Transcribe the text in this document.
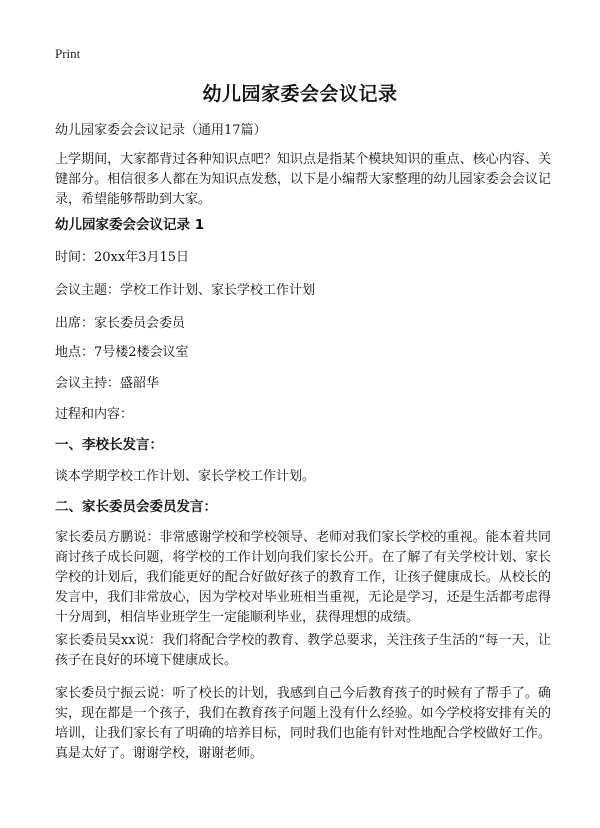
Print
幼儿园家委会会议记录
幼儿园家委会会议记录（通用17篇）
上学期间，大家都背过各种知识点吧？知识点是指某个模块知识的重点、核心内容、关键部分。相信很多人都在为知识点发愁，以下是小编帮大家整理的幼儿园家委会会议记录，希望能够帮助到大家。
幼儿园家委会会议记录 1
时间：20xx年3月15日
会议主题：学校工作计划、家长学校工作计划
出席：家长委员会委员
地点：7号楼2楼会议室
会议主持：盛韶华
过程和内容：
一、李校长发言：
谈本学期学校工作计划、家长学校工作计划。
二、家长委员会委员发言：
家长委员方鹏说：非常感谢学校和学校领导、老师对我们家长学校的重视。能本着共同商讨孩子成长问题，将学校的工作计划向我们家长公开。在了解了有关学校计划、家长学校的计划后，我们能更好的配合好做好孩子的教育工作，让孩子健康成长。从校长的发言中，我们非常放心，因为学校对毕业班相当重视，无论是学习，还是生活都考虑得十分周到，相信毕业班学生一定能顺利毕业，获得理想的成绩。
家长委员吴xx说：我们将配合学校的教育、教学总要求，关注孩子生活的“每一天，让孩子在良好的环境下健康成长。
家长委员宁振云说：听了校长的计划，我感到自己今后教育孩子的时候有了帮手了。确实，现在都是一个孩子，我们在教育孩子问题上没有什么经验。如今学校将安排有关的培训，让我们家长有了明确的培养目标，同时我们也能有针对性地配合学校做好工作。真是太好了。谢谢学校，谢谢老师。
